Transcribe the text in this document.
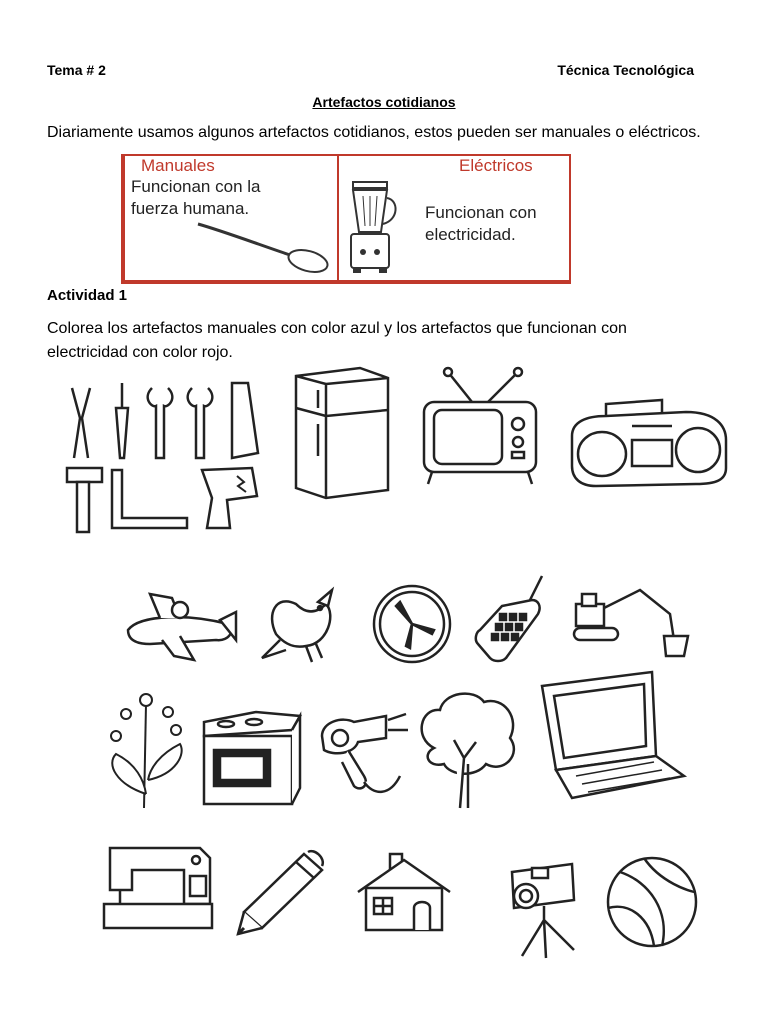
Tema # 2	Técnica Tecnológica
Artefactos cotidianos
Diariamente usamos algunos artefactos cotidianos, estos pueden ser manuales o eléctricos.
Manuales
Funcionan con la
fuerza humana.
Eléctricos
Funcionan con
electricidad.
Actividad 1
Colorea los artefactos manuales con color azul y los artefactos que funcionan con
electricidad con color rojo.
